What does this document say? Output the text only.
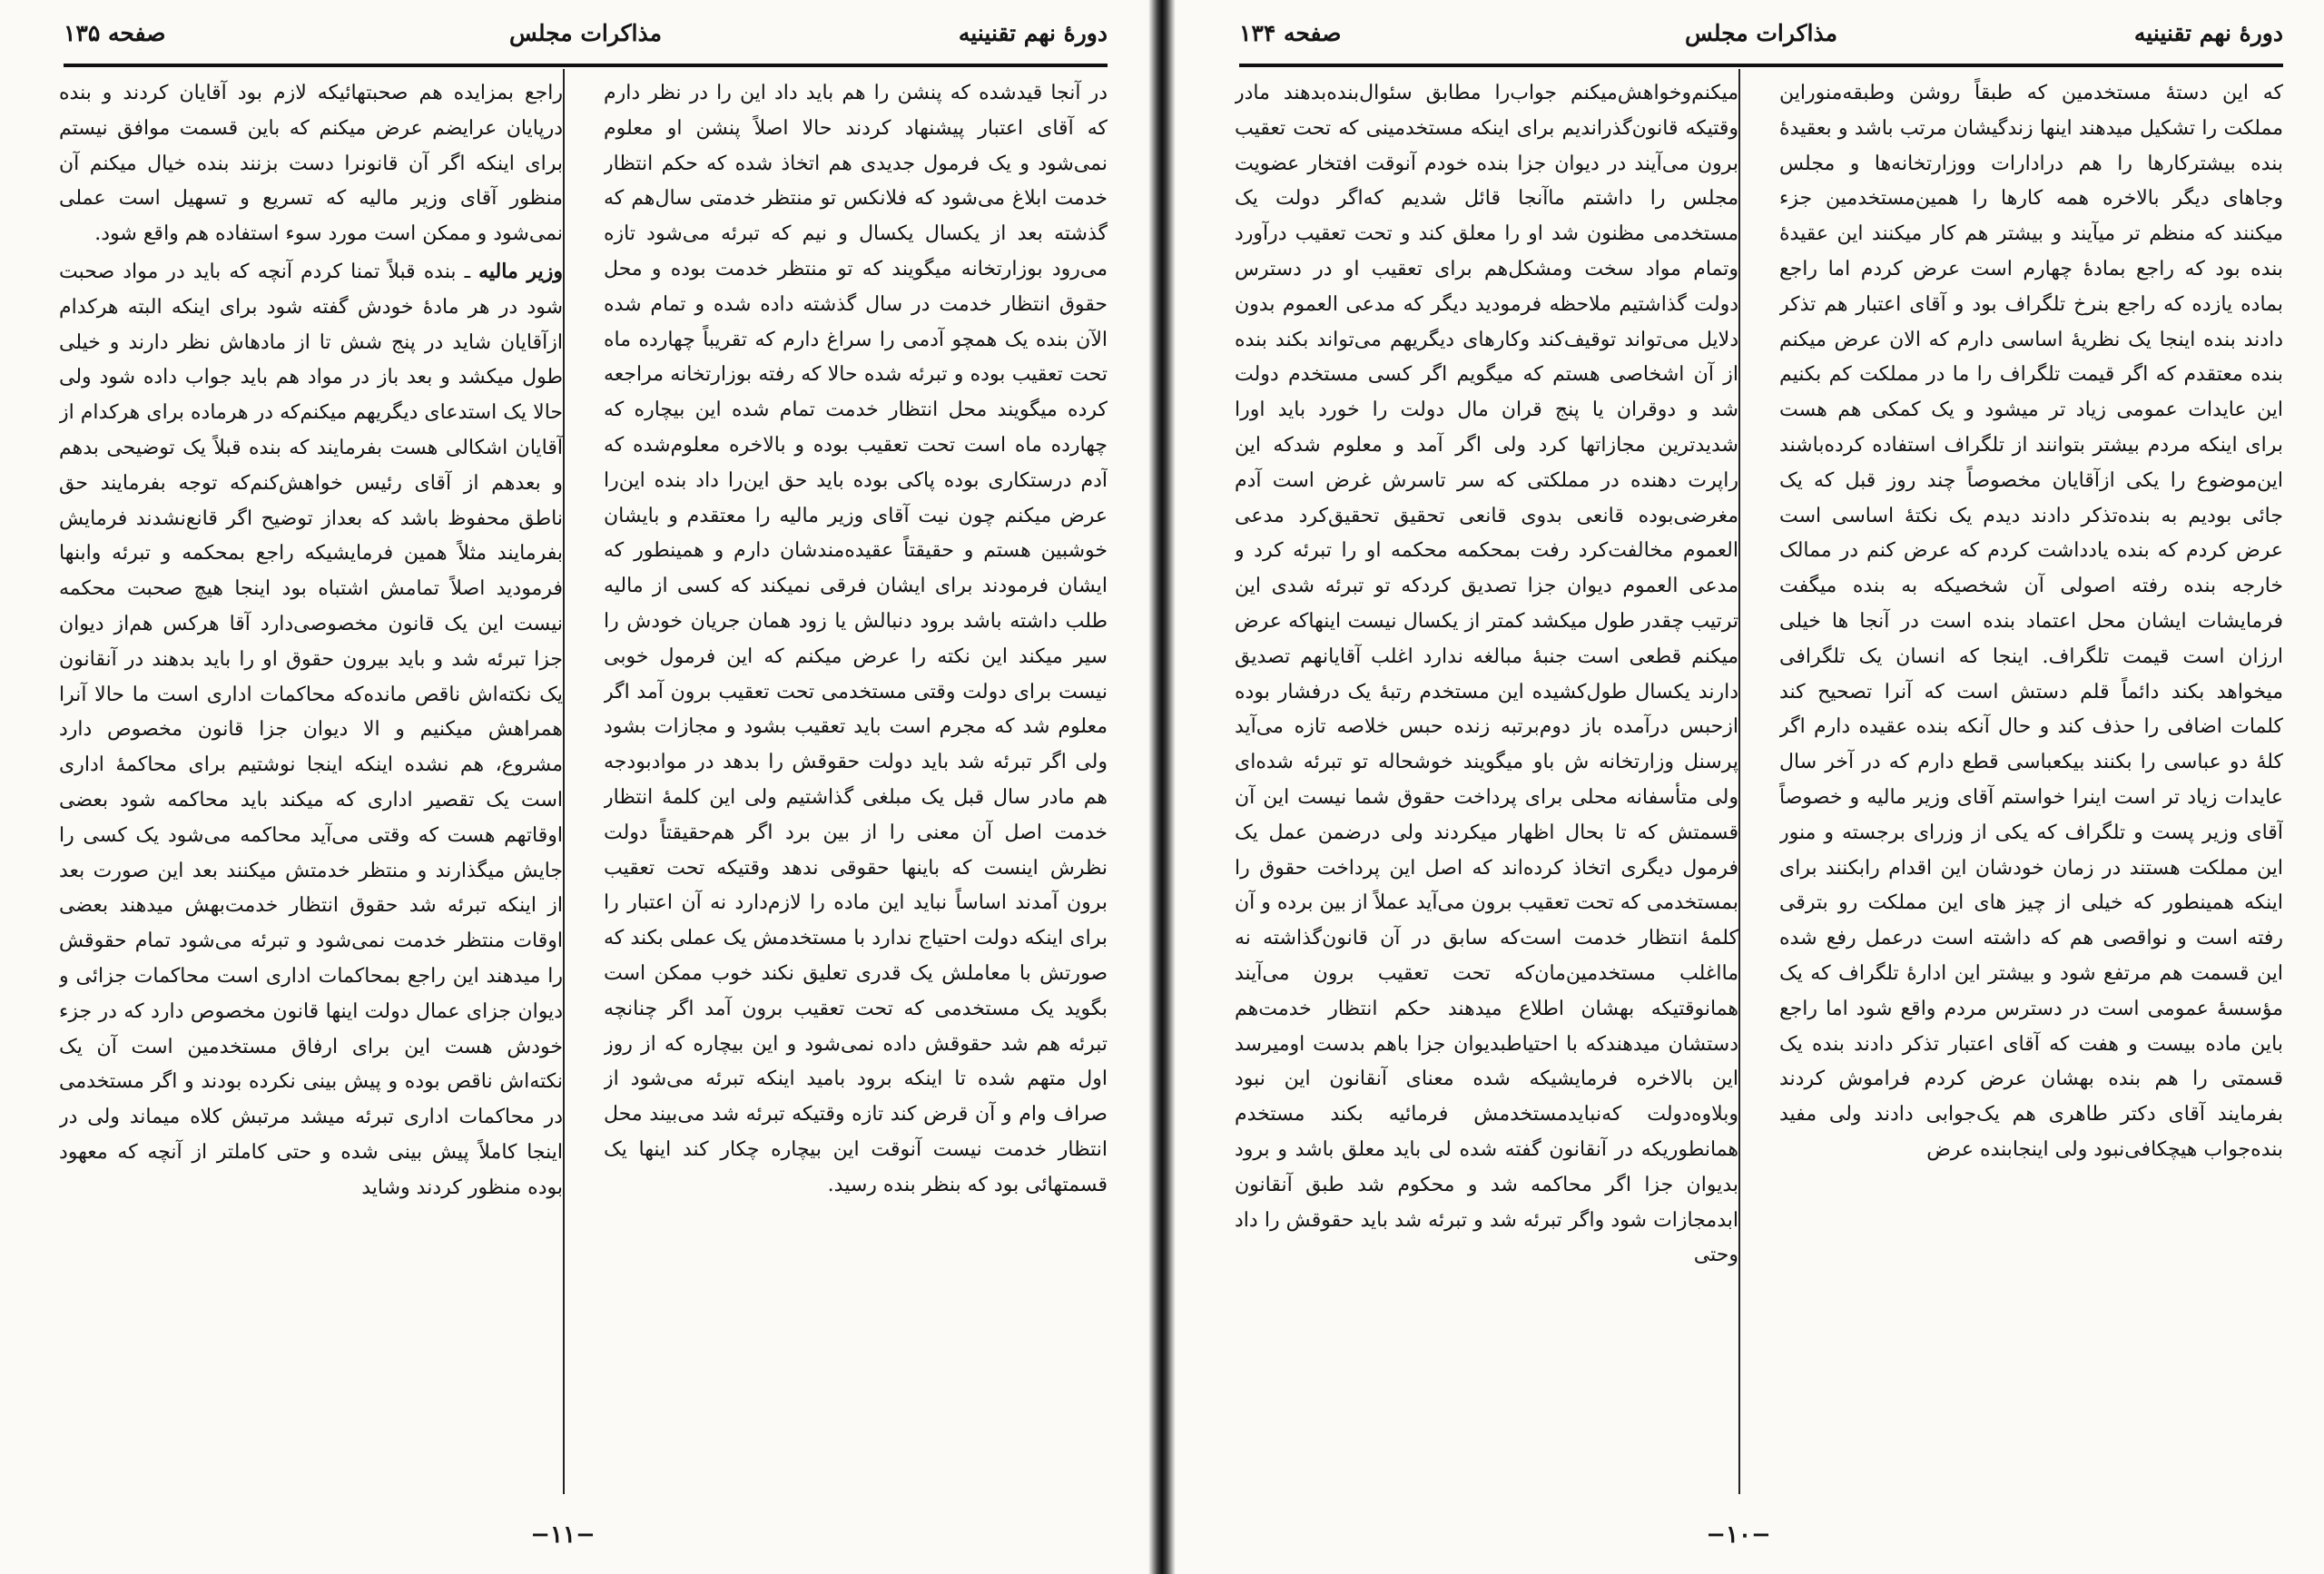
دورهٔ نهم تقنینیه
مذاکرات مجلس
صفحه ۱۳۵

در آنجا قیدشده که پنشن را هم باید داد این را در نظر دارم که آقای اعتبار پیشنهاد کردند حالا اصلاً پنشن او معلوم نمی‌شود و یک فرمول جدیدی هم اتخاذ شده که حکم انتظار خدمت ابلاغ می‌شود که فلانکس تو منتظر خدمتی سال‌هم که گذشته بعد از یکسال یکسال و نیم که تبرئه می‌شود تازه می‌رود بوزارتخانه میگویند که تو منتظر خدمت بوده‌ و محل حقوق انتظار خدمت در سال گذشته داده شده و تمام شده الآن بنده یک همچو آدمی را سراغ دارم که تقریباً چهارده ماه تحت تعقیب بوده و تبرئه شده حالا که رفته بوزارتخانه مراجعه کرده‌ میگویند محل انتظار خدمت تمام شده این بیچاره که چهارده ماه است تحت تعقیب بوده و بالاخره معلوم‌شده که آدم درستکاری بوده پاکی بوده باید حق این‌را داد بنده این‌را عرض میکنم چون نیت آقای وزیر مالیه را معتقدم و بایشان خوشبین هستم و حقیقتاً عقیده‌مندشان دارم و همینطور که ایشان فرمودند برای ایشان فرقی نمیکند که کسی از مالیه طلب داشته باشد برود دنبالش یا زود همان جریان خودش را سیر میکند این نکته را عرض میکنم که این فرمول خوبی نیست برای دولت وقتی مستخدمی تحت تعقیب برون آمد اگر معلوم شد که مجرم است باید تعقیب بشود و مجازات بشود ولی اگر تبرئه شد باید دولت حقوقش را بدهد در موادبودجه هم مادر سال قبل یک مبلغی گذاشتیم ولی این کلمهٔ انتظار خدمت اصل آن معنی را از بین برد اگر هم‌حقیقتاً دولت نظرش اینست که باینها حقوقی ندهد وقتیکه تحت تعقیب برون آمدند اساساً نباید این ماده را لازم‌دارد نه آن اعتبار را برای اینکه دولت احتیاج ندارد با مستخدمش یک عملی بکند که صورتش با معاملش یک قدری تعلیق نکند خوب ممکن است بگوید یک مستخدمی که تحت تعقیب برون آمد اگر چنانچه تبرئه هم شد حقوقش داده نمی‌شود و این بیچاره که از روز اول متهم شده تا اینکه برود بامید اینکه تبرئه می‌شود از صراف وام و آن قرض کند تازه وقتیکه تبرئه شد می‌بیند محل انتظار خدمت نیست آنوقت این بیچاره چکار کند اینها یک قسمتهائی بود که بنظر بنده رسید.

راجع بمزایده هم صحبتهائیکه لازم بود آقایان کردند و بنده درپایان عرایضم عرض میکنم که باین قسمت موافق نیستم برای اینکه اگر آن قانونرا دست بزنند بنده خیال میکنم آن منظور آقای وزیر مالیه که تسریع و تسهیل است عملی نمی‌شود و ممکن است مورد سوء استفاده هم واقع شود.

وزیر مالیه ـ بنده قبلاً تمنا کردم آنچه که باید در مواد صحبت شود در هر مادهٔ خودش گفته شود برای اینکه البته هرکدام ازآقایان شاید در پنج شش تا از مادهاش نظر دارند و خیلی طول میکشد و بعد باز در مواد هم باید جواب داده شود ولی حالا یک استدعای دیگریهم میکنم‌که در هرماده برای هرکدام از آقایان اشکالی هست بفرمایند که بنده قبلاً یک توضیحی بدهم و بعدهم از آقای رئیس خواهش‌کنم‌که توجه بفرمایند حق ناطق محفوظ باشد که بعداز توضیح اگر قانع‌نشدند فرمایش بفرمایند مثلاً همین فرمایشیکه راجع بمحکمه و تبرئه وابنها فرمودید اصلاً تمامش اشتباه بود اینجا هیچ صحبت محکمه نیست این یک قانون مخصوصی‌دارد آقا هرکس هم‌از دیوان جزا تبرئه شد و باید بیرون حقوق او را باید بدهند در آنقانون یک نکته‌اش ناقص مانده‌که محاکمات اداری است ما حالا آنرا همراهش میکنیم و الا دیوان جزا قانون مخصوص دارد مشروع، هم نشده اینکه اینجا نوشتیم برای محاکمهٔ اداری است یک تقصیر اداری که میکند باید محاکمه شود بعضی اوقاتهم هست که وقتی می‌آید محاکمه می‌شود یک کسی را جایش میگذارند و منتظر خدمتش میکنند بعد این صورت بعد از اینکه تبرئه شد حقوق انتظار خدمت‌بهش میدهند بعضی اوقات منتظر خدمت نمی‌شود و تبرئه می‌شود تمام حقوقش را میدهند این راجع بمحاکمات اداری است محاکمات جزائی و دیوان جزای عمال دولت اینها قانون مخصوص دارد که در جزء خودش هست این برای ارفاق مستخدمین است آن یک نکته‌اش ناقص بوده و پیش بینی نکرده بودند و اگر مستخدمی در محاکمات اداری تبرئه میشد مرتبش کلاه میماند ولی در اینجا کاملاً پیش بینی شده و حتی کاملتر از آنچه که معهود بوده منظور کردند وشاید

−۱۱−
دورهٔ نهم تقنینیه
مذاکرات مجلس
صفحه ۱۳۴

که این دستهٔ مستخدمین که طبقاً روشن وطبقه‌منوراین مملکت را تشکیل میدهند اینها زندگیشان مرتب باشد و بعقیدهٔ بنده بیشترکارها را هم درادارات ووزارتخانه‌ها و مجلس وجاهای دیگر بالاخره همه کارها را همین‌مستخدمین جزء میکنند که منظم تر میآیند و بیشتر هم کار میکنند این عقیدهٔ بنده بود که راجع بمادهٔ چهارم است عرض کردم اما راجع بماده یازده که راجع بنرخ تلگراف بود و آقای اعتبار هم تذکر دادند بنده اینجا یک نظریهٔ اساسی دارم که الان عرض میکنم بنده معتقدم که اگر قیمت تلگراف را ما در مملکت کم بکنیم این عایدات عمومی زیاد تر میشود و یک کمکی هم هست برای اینکه مردم بیشتر بتوانند از تلگراف استفاده کرده‌باشند این‌موضوع را یکی ازآقایان مخصوصاً چند روز قبل که یک جائی بودیم به بنده‌تذکر دادند دیدم یک نکتهٔ اساسی است عرض کردم که بنده یادداشت کردم که عرض کنم در ممالک خارجه بنده رفته اصولی آن شخصیکه به بنده میگفت فرمایشات ایشان محل اعتماد بنده است در آنجا ها خیلی ارزان است قیمت تلگراف. اینجا که انسان یک تلگرافی میخواهد بکند دائماً قلم دستش است که آنرا تصحیح کند کلمات اضافی را حذف کند و حال آنکه بنده عقیده دارم اگر کلهٔ دو عباسی را بکنند بیکعباسی قطع دارم که در آخر سال عایدات زیاد تر است اینرا خواستم آقای وزیر مالیه و خصوصاً آقای وزیر پست و تلگراف که یکی از وزرای برجسته و منور این مملکت هستند در زمان خودشان این اقدام رابکنند برای اینکه همینطور که خیلی از چیز های این مملکت رو بترقی رفته است و نواقصی هم که داشته است درعمل رفع شده این قسمت هم مرتفع شود و بیشتر این ادارهٔ تلگراف که یک مؤسسهٔ عمومی است در دسترس مردم واقع شود اما راجع باین ماده بیست و هفت که آقای اعتبار تذکر دادند بنده یک قسمتی را هم بنده بهشان عرض کردم فراموش کردند بفرمایند آقای دکتر طاهری هم یک‌جوابی دادند ولی مفید بنده‌جواب هیچکافی‌نبود ولی اینجابنده عرض

میکنم‌وخواهش‌میکنم جواب‌را مطابق سئوال‌بنده‌بدهند مادر وقتیکه قانون‌گذراندیم برای اینکه مستخدمینی که تحت تعقیب برون می‌آیند در دیوان جزا بنده خودم آنوقت افتخار عضویت مجلس را داشتم ماآنجا قائل شدیم که‌اگر دولت یک مستخدمی مظنون شد او را معلق کند و تحت تعقیب درآورد وتمام مواد سخت ومشکل‌هم برای تعقیب او در دسترس دولت گذاشتیم ملاحظه فرمودید دیگر که مدعی العموم بدون دلایل می‌تواند توقیف‌کند وکارهای دیگریهم می‌تواند بکند بنده از آن اشخاصی هستم که میگویم اگر کسی مستخدم دولت شد و دوقران یا پنج قران مال دولت را خورد باید اورا شدیدترین مجازاتها کرد ولی اگر آمد و معلوم شدکه این راپرت دهنده در مملکتی که سر تاسرش غرض است آدم مغرضی‌بوده قانعی بدوی قانعی تحقیق تحقیق‌کرد مدعی العموم مخالفت‌کرد رفت بمحکمه محکمه او را تبرئه کرد و مدعی العموم دیوان جزا تصدیق کردکه تو تبرئه شدی این ترتیب چقدر طول میکشد کمتر از یکسال نیست اینهاکه عرض میکنم قطعی است جنبهٔ مبالغه ندارد اغلب آقایانهم تصدیق دارند یکسال طول‌کشیده این مستخدم رتبهٔ یک درفشار بوده ازحبس درآمده باز دوم‌برتبه زنده حبس خلاصه تازه می‌آید پرسنل وزارتخانه ش باو میگویند خوشحاله تو تبرئه شده‌ای ولی متأسفانه محلی برای پرداخت حقوق شما نیست این آن قسمتش که تا بحال اظهار میکردند ولی درضمن عمل یک فرمول دیگری اتخاذ کرده‌اند که اصل این پرداخت حقوق را بمستخدمی که تحت تعقیب برون می‌آید عملاً از بین برده و آن کلمهٔ انتظار خدمت است‌که سابق در آن قانون‌گذاشته نه مااغلب مستخدمین‌مان‌که تحت تعقیب برون می‌آیند همانوقتیکه بهشان اطلاع میدهند حکم انتظار خدمت‌هم دستشان میدهند‌که با احتیاطبدیوان جزا باهم بدست اومیرسد این بالاخره فرمایشیکه شده معنای آنقانون این نبود وبلاوه‌دولت که‌نباید‌مستخدمش فرمائیه بکند مستخدم همانطوریکه در آنقانون گفته شده لی باید معلق باشد و برود بدیوان جزا اگر محاکمه شد و محکوم شد طبق آنقانون ابدمجازات شود واگر تبرئه شد و تبرئه شد باید حقوقش را داد وحتی

−۱۰−
